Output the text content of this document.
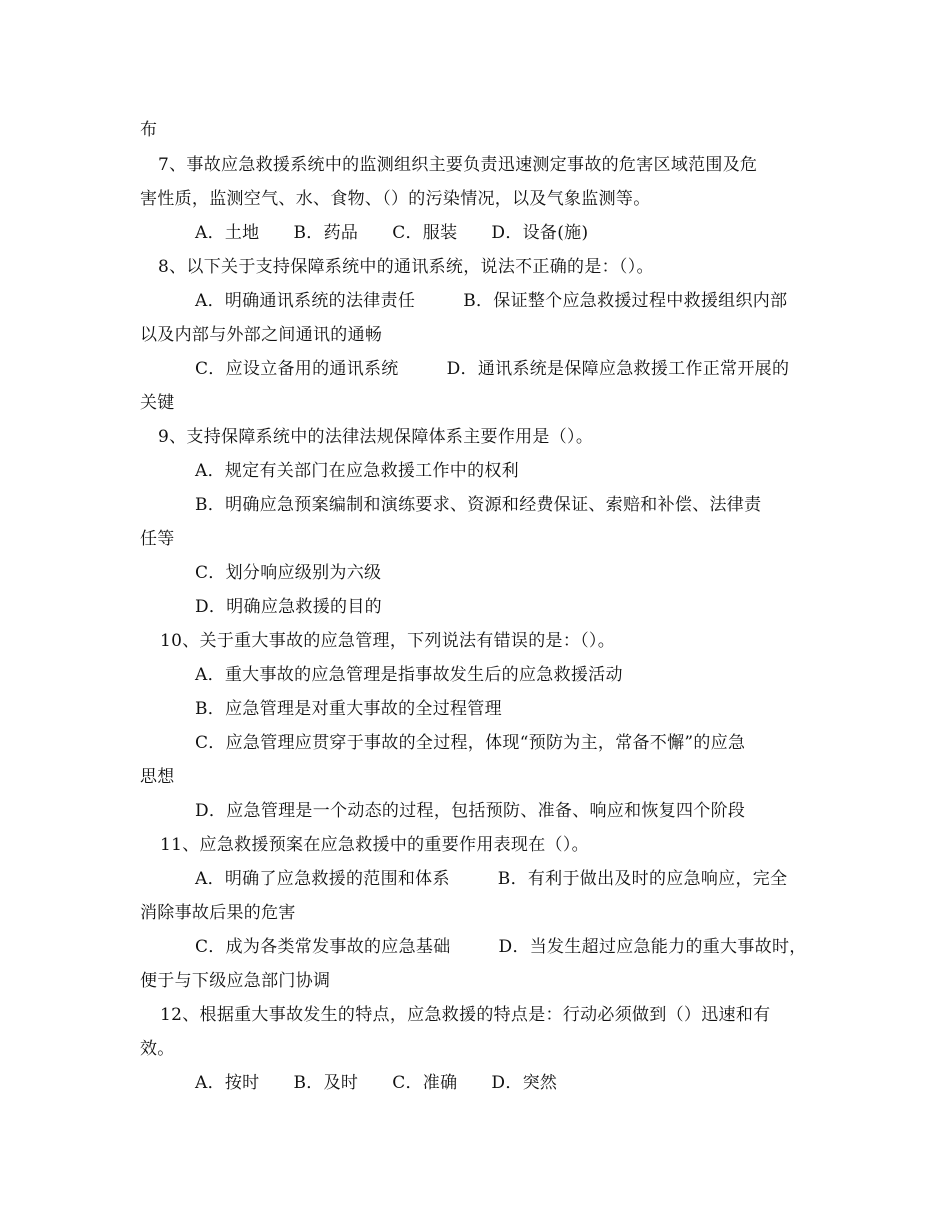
布
7、事故应急救援系统中的监测组织主要负责迅速测定事故的危害区域范围及危
害性质，监测空气、水、食物、（）的污染情况，以及气象监测等。
A．土地 B．药品 C．服装 D．设备(施)
8、以下关于支持保障系统中的通讯系统，说法不正确的是：（）。
A．明确通讯系统的法律责任	B．保证整个应急救援过程中救援组织内部
以及内部与外部之间通讯的通畅
C．应设立备用的通讯系统	D．通讯系统是保障应急救援工作正常开展的
关键
9、支持保障系统中的法律法规保障体系主要作用是（）。
A．规定有关部门在应急救援工作中的权利
B．明确应急预案编制和演练要求、资源和经费保证、索赔和补偿、法律责
任等
C．划分响应级别为六级
D．明确应急救援的目的
10、关于重大事故的应急管理，下列说法有错误的是：（）。
A．重大事故的应急管理是指事故发生后的应急救援活动
B．应急管理是对重大事故的全过程管理
C．应急管理应贯穿于事故的全过程，体现“预防为主，常备不懈”的应急
思想
D．应急管理是一个动态的过程，包括预防、准备、响应和恢复四个阶段
11、应急救援预案在应急救援中的重要作用表现在（）。
A．明确了应急救援的范围和体系	B．有利于做出及时的应急响应，完全
消除事故后果的危害
C．成为各类常发事故的应急基础	D．当发生超过应急能力的重大事故时，
便于与下级应急部门协调
12、根据重大事故发生的特点，应急救援的特点是：行动必须做到（）迅速和有
效。
A．按时 B．及时 C．准确 D．突然
